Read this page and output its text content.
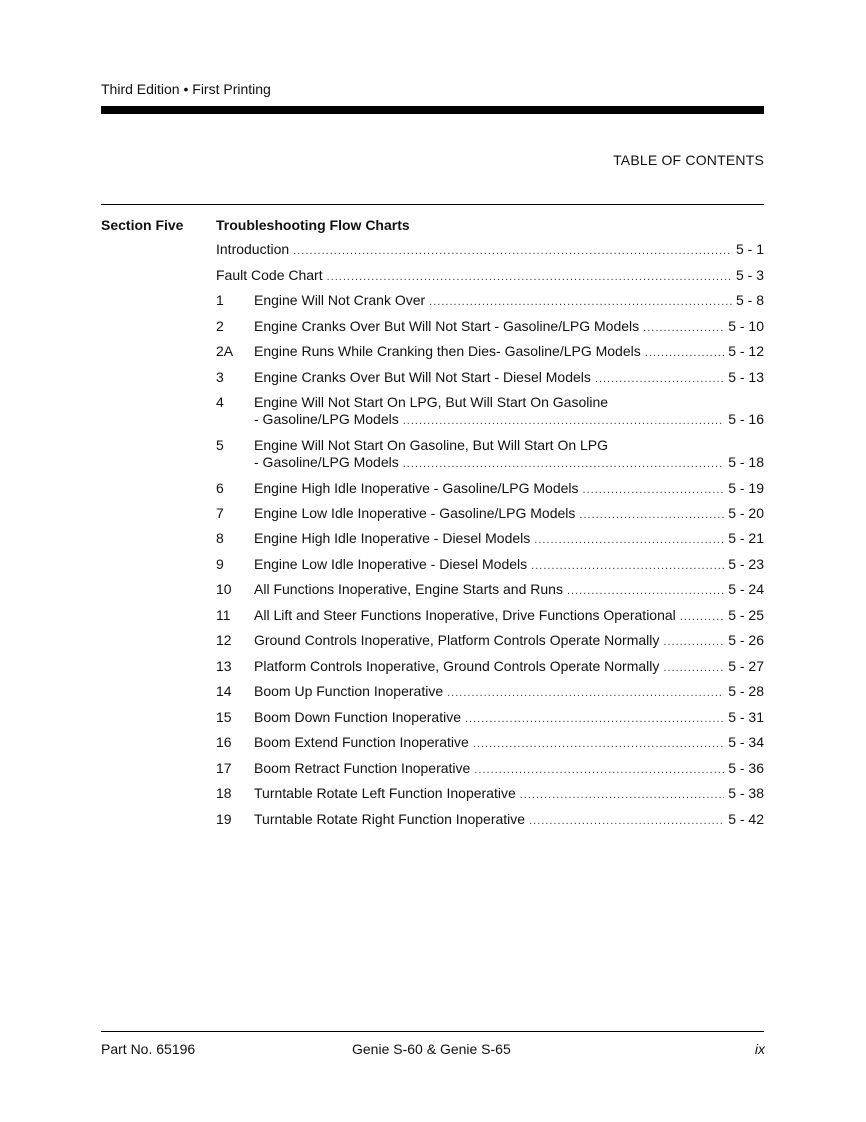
Third Edition • First Printing
TABLE OF CONTENTS
Section Five Troubleshooting Flow Charts
Introduction .....	5 - 1
Fault Code Chart .....	5 - 3
1 Engine Will Not Crank Over .....	5 - 8
2 Engine Cranks Over But Will Not Start - Gasoline/LPG Models .....	5 - 10
2A Engine Runs While Cranking then Dies- Gasoline/LPG Models .....	5 - 12
3 Engine Cranks Over But Will Not Start - Diesel Models .....	5 - 13
4 Engine Will Not Start On LPG, But Will Start On Gasoline
- Gasoline/LPG Models .....	5 - 16
5 Engine Will Not Start On Gasoline, But Will Start On LPG
- Gasoline/LPG Models .....	5 - 18
6 Engine High Idle Inoperative - Gasoline/LPG Models .....	5 - 19
7 Engine Low Idle Inoperative - Gasoline/LPG Models .....	5 - 20
8 Engine High Idle Inoperative - Diesel Models .....	5 - 21
9 Engine Low Idle Inoperative - Diesel Models .....	5 - 23
10 All Functions Inoperative, Engine Starts and Runs .....	5 - 24
11 All Lift and Steer Functions Inoperative, Drive Functions Operational .....	5 - 25
12 Ground Controls Inoperative, Platform Controls Operate Normally .....	5 - 26
13 Platform Controls Inoperative, Ground Controls Operate Normally .....	5 - 27
14 Boom Up Function Inoperative .....	5 - 28
15 Boom Down Function Inoperative .....	5 - 31
16 Boom Extend Function Inoperative .....	5 - 34
17 Boom Retract Function Inoperative .....	5 - 36
18 Turntable Rotate Left Function Inoperative .....	5 - 38
19 Turntable Rotate Right Function Inoperative .....	5 - 42
Part No. 65196	Genie S-60 & Genie S-65	ix
